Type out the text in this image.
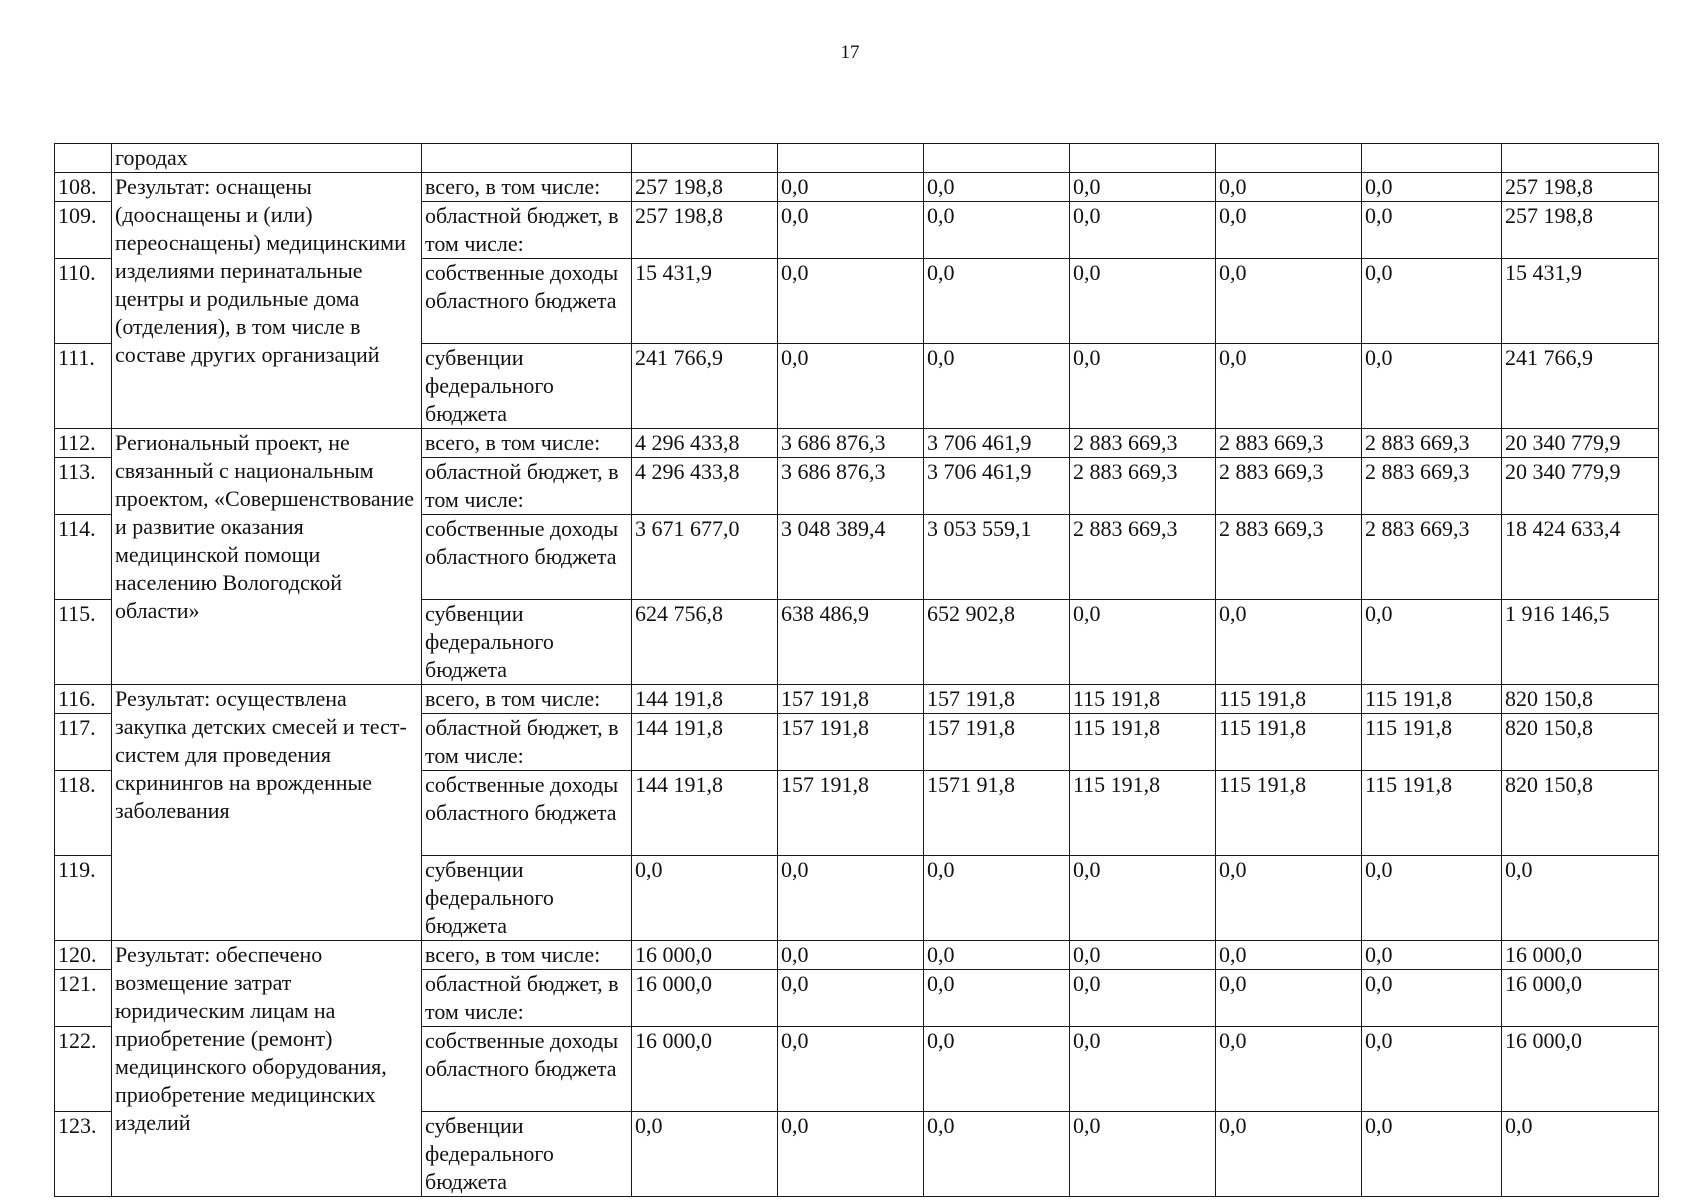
17
	городах								
108.	Результат: оснащены (дооснащены и (или) переоснащены) медицинскими изделиями перинатальные центры и родильные дома (отделения), в том числе в составе других организаций	всего, в том числе:	257 198,8	0,0	0,0	0,0	0,0	0,0	257 198,8
109.		областной бюджет, в том числе:	257 198,8	0,0	0,0	0,0	0,0	0,0	257 198,8
110.		собственные доходы областного бюджета	15 431,9	0,0	0,0	0,0	0,0	0,0	15 431,9
111.		субвенции федерального бюджета	241 766,9	0,0	0,0	0,0	0,0	0,0	241 766,9
112.	Региональный проект, не связанный с национальным проектом, «Совершенствование и развитие оказания медицинской помощи населению Вологодской области»	всего, в том числе:	4 296 433,8	3 686 876,3	3 706 461,9	2 883 669,3	2 883 669,3	2 883 669,3	20 340 779,9
113.		областной бюджет, в том числе:	4 296 433,8	3 686 876,3	3 706 461,9	2 883 669,3	2 883 669,3	2 883 669,3	20 340 779,9
114.		собственные доходы областного бюджета	3 671 677,0	3 048 389,4	3 053 559,1	2 883 669,3	2 883 669,3	2 883 669,3	18 424 633,4
115.		субвенции федерального бюджета	624 756,8	638 486,9	652 902,8	0,0	0,0	0,0	1 916 146,5
116.	Результат: осуществлена закупка детских смесей и тест-систем для проведения скринингов на врожденные заболевания	всего, в том числе:	144 191,8	157 191,8	157 191,8	115 191,8	115 191,8	115 191,8	820 150,8
117.		областной бюджет, в том числе:	144 191,8	157 191,8	157 191,8	115 191,8	115 191,8	115 191,8	820 150,8
118.		собственные доходы областного бюджета	144 191,8	157 191,8	1571 91,8	115 191,8	115 191,8	115 191,8	820 150,8
119.		субвенции федерального бюджета	0,0	0,0	0,0	0,0	0,0	0,0	0,0
120.	Результат: обеспечено возмещение затрат юридическим лицам на приобретение (ремонт) медицинского оборудования, приобретение медицинских изделий	всего, в том числе:	16 000,0	0,0	0,0	0,0	0,0	0,0	16 000,0
121.		областной бюджет, в том числе:	16 000,0	0,0	0,0	0,0	0,0	0,0	16 000,0
122.		собственные доходы областного бюджета	16 000,0	0,0	0,0	0,0	0,0	0,0	16 000,0
123.		субвенции федерального бюджета	0,0	0,0	0,0	0,0	0,0	0,0	0,0
